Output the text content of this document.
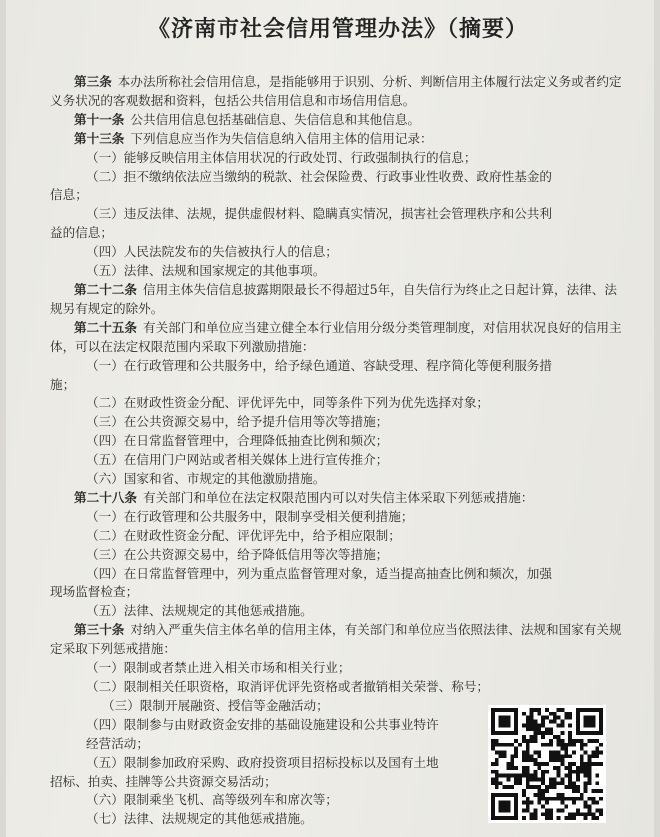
《济南市社会信用管理办法》（摘要）
第三条 本办法所称社会信用信息，是指能够用于识别、分析、判断信用主体履行法定义务或者约定义务状况的客观数据和资料，包括公共信用信息和市场信用信息。
第十一条 公共信用信息包括基础信息、失信信息和其他信息。
第十三条 下列信息应当作为失信信息纳入信用主体的信用记录：
（一）能够反映信用主体信用状况的行政处罚、行政强制执行的信息；
（二）拒不缴纳依法应当缴纳的税款、社会保险费、行政事业性收费、政府性基金的
信息；
（三）违反法律、法规，提供虚假材料、隐瞒真实情况，损害社会管理秩序和公共利
益的信息；
（四）人民法院发布的失信被执行人的信息；
（五）法律、法规和国家规定的其他事项。
第二十二条 信用主体失信信息披露期限最长不得超过5年，自失信行为终止之日起计算，法律、法规另有规定的除外。
第二十五条 有关部门和单位应当建立健全本行业信用分级分类管理制度，对信用状况良好的信用主体，可以在法定权限范围内采取下列激励措施：
（一）在行政管理和公共服务中，给予绿色通道、容缺受理、程序简化等便利服务措
施；
（二）在财政性资金分配、评优评先中，同等条件下列为优先选择对象；
（三）在公共资源交易中，给予提升信用等次等措施；
（四）在日常监督管理中，合理降低抽查比例和频次；
（五）在信用门户网站或者相关媒体上进行宣传推介；
（六）国家和省、市规定的其他激励措施。
第二十八条 有关部门和单位在法定权限范围内可以对失信主体采取下列惩戒措施：
（一）在行政管理和公共服务中，限制享受相关便利措施；
（二）在财政性资金分配、评优评先中，给予相应限制；
（三）在公共资源交易中，给予降低信用等次等措施；
（四）在日常监督管理中，列为重点监督管理对象，适当提高抽查比例和频次，加强
现场监督检查；
（五）法律、法规规定的其他惩戒措施。
第三十条 对纳入严重失信主体名单的信用主体，有关部门和单位应当依照法律、法规和国家有关规定采取下列惩戒措施：
（一）限制或者禁止进入相关市场和相关行业；
（二）限制相关任职资格，取消评优评先资格或者撤销相关荣誉、称号；
（三）限制开展融资、授信等金融活动；
（四）限制参与由财政资金安排的基础设施建设和公共事业特许
经营活动；
（五）限制参加政府采购、政府投资项目招标投标以及国有土地
招标、拍卖、挂牌等公共资源交易活动；
（六）限制乘坐飞机、高等级列车和席次等；
（七）法律、法规规定的其他惩戒措施。
